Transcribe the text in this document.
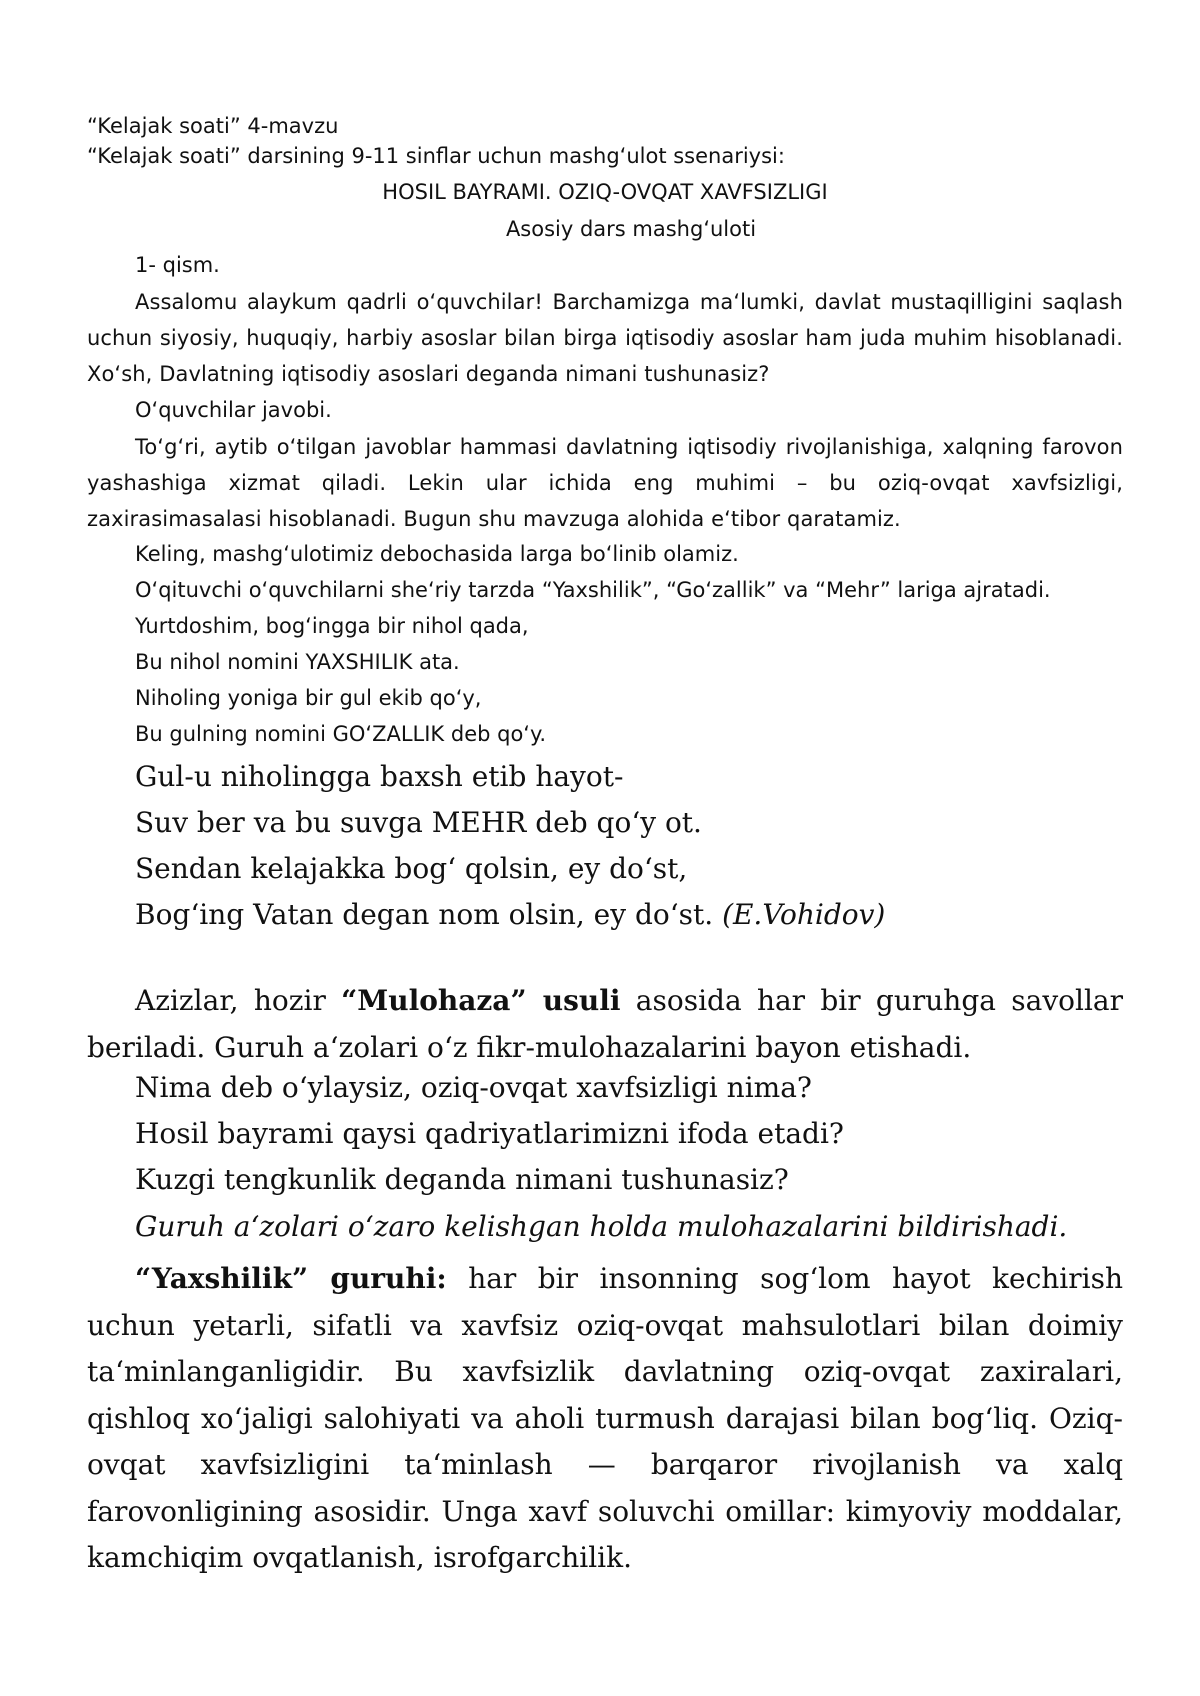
“Kelajak soati” 4-mavzu
“Kelajak soati” darsining 9-11 sinflar uchun mashgʻulot ssenariysi:
HOSIL BAYRAMI. OZIQ-OVQAT XAVFSIZLIGI
Asosiy dars mashgʻuloti
1- qism.
Assalomu alaykum qadrli oʻquvchilar! Barchamizga maʻlumki, davlat mustaqilligini saqlash uchun siyosiy, huquqiy, harbiy asoslar bilan birga iqtisodiy asoslar ham juda muhim hisoblanadi. Xoʻsh, Davlatning iqtisodiy asoslari deganda nimani tushunasiz?
Oʻquvchilar javobi.
Toʻgʻri, aytib oʻtilgan javoblar hammasi davlatning iqtisodiy rivojlanishiga, xalqning farovon yashashiga xizmat qiladi. Lekin ular ichida eng muhimi – bu oziq-ovqat xavfsizligi, zaxirasimasalasi hisoblanadi. Bugun shu mavzuga alohida eʻtibor qaratamiz.
Keling, mashgʻulotimiz debochasida larga boʻlinib olamiz.
Oʻqituvchi oʻquvchilarni sheʻriy tarzda “Yaxshilik”, “Goʻzallik” va “Mehr” lariga ajratadi.
Yurtdoshim, bogʻingga bir nihol qada,
Bu nihol nomini YAXSHILIK ata.
Niholing yoniga bir gul ekib qoʻy,
Bu gulning nomini GOʻZALLIK deb qoʻy.
Gul-u niholingga baxsh etib hayot-
Suv ber va bu suvga MEHR deb qoʻy ot.
Sendan kelajakka bogʻ qolsin, ey doʻst,
Bogʻing Vatan degan nom olsin, ey doʻst. (E.Vohidov)
Azizlar, hozir “Mulohaza” usuli asosida har bir guruhga savollar beriladi. Guruh aʻzolari oʻz fikr-mulohazalarini bayon etishadi.
Nima deb oʻylaysiz, oziq-ovqat xavfsizligi nima?
Hosil bayrami qaysi qadriyatlarimizni ifoda etadi?
Kuzgi tengkunlik deganda nimani tushunasiz?
Guruh aʻzolari oʻzaro kelishgan holda mulohazalarini bildirishadi.
“Yaxshilik” guruhi: har bir insonning sogʻlom hayot kechirish uchun yetarli, sifatli va xavfsiz oziq-ovqat mahsulotlari bilan doimiy taʻminlanganligidir. Bu xavfsizlik davlatning oziq-ovqat zaxiralari, qishloq xoʻjaligi salohiyati va aholi turmush darajasi bilan bogʻliq. Oziq-ovqat xavfsizligini taʻminlash — barqaror rivojlanish va xalq farovonligining asosidir. Unga xavf soluvchi omillar: kimyoviy moddalar, kamchiqim ovqatlanish, isrofgarchilik.
